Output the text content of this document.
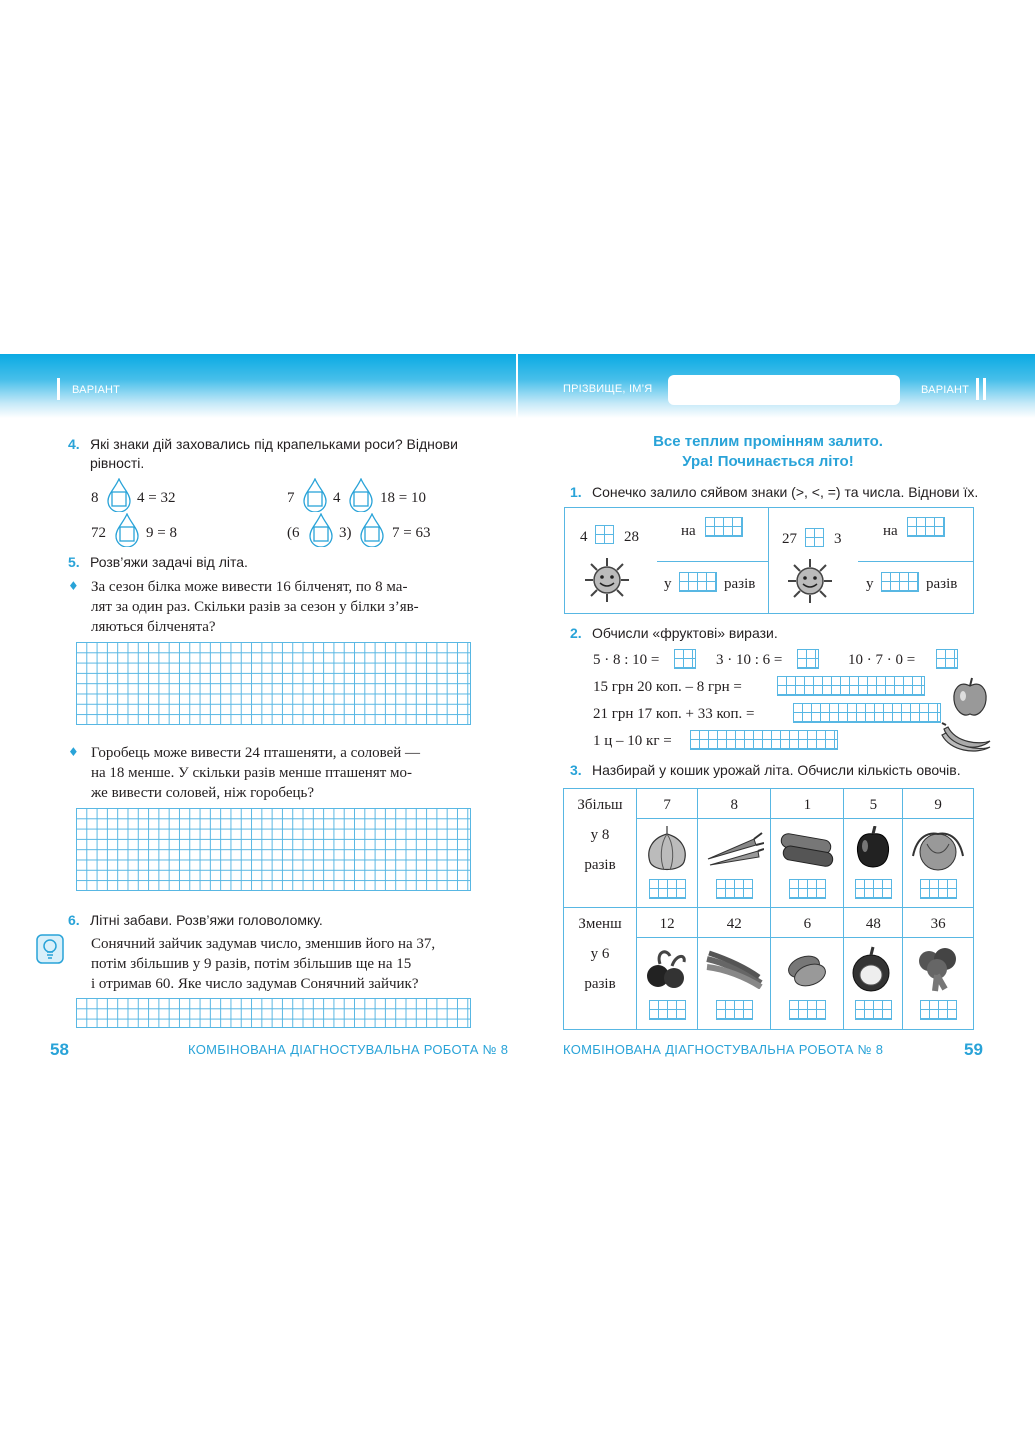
ВАРІАНТ	ПРІЗВИЩЕ, ІМ’Я	ВАРІАНТ
4. Які знаки дій заховались під крапельками роси? Віднови
рівності.
8	4 = 32	7	4	18 = 10
72	9 = 8	(6	3)	7 = 63
5. Розв’яжи задачі від літа.
♦ За сезон білка може вивести 16 білченят, по 8 ма-
лят за один раз. Скільки разів за сезон у білки з’яв-
ляються білченята?
♦ Горобець може вивести 24 пташеняти, а соловей —
на 18 менше. У скільки разів менше пташенят мо-
же вивести соловей, ніж горобець?
6. Літні забави. Розв’яжи головоломку.
Сонячний зайчик задумав число, зменшив його на 37,
потім збільшив у 9 разів, потім збільшив ще на 15
і отримав 60. Яке число задумав Сонячний зайчик?
58	КОМБІНОВАНА ДІАГНОСТУВАЛЬНА РОБОТА № 8
Все теплим промінням залито.
Ура! Починається літо!
1. Сонечко залило сяйвом знаки (>, <, =) та числа. Віднови їх.
4 28	на
у	разів
27 3	на
у	разів
2. Обчисли «фруктові» вирази.
5 · 8 : 10 =	3 · 10 : 6 =	10 · 7 · 0 =
15 грн 20 коп. – 8 грн =
21 грн 17 коп. + 33 коп. =
1 ц – 10 кг =
3. Назбирай у кошик урожай літа. Обчисли кількість овочів.
Збільш
у 8
разів	7	8	1	5	9

Зменш
у 6
разів	12	42	6	48	36

КОМБІНОВАНА ДІАГНОСТУВАЛЬНА РОБОТА № 8	59
